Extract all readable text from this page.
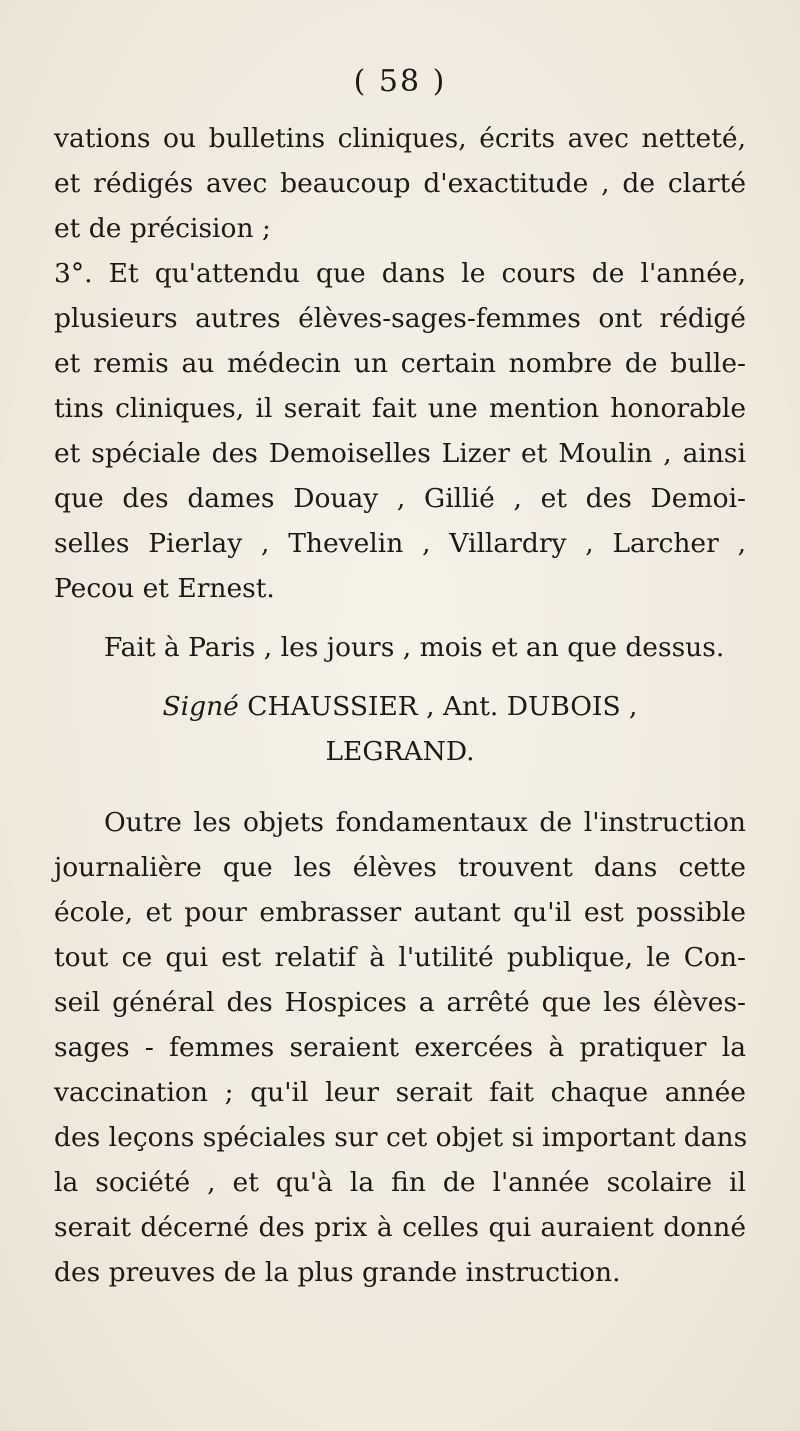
( 58 )
vations ou bulletins cliniques, écrits avec netteté,
et rédigés avec beaucoup d'exactitude , de clarté
et de précision ;
3°. Et qu'attendu que dans le cours de l'année,
plusieurs autres élèves-sages-femmes ont rédigé
et remis au médecin un certain nombre de bulle-
tins cliniques, il serait fait une mention honorable
et spéciale des Demoiselles Lizer et Moulin , ainsi
que des dames Douay , Gillié , et des Demoi-
selles Pierlay , Thevelin , Villardry , Larcher ,
Pecou et Ernest.
Fait à Paris , les jours , mois et an que dessus.
Signé CHAUSSIER , Ant. DUBOIS ,
LEGRAND.
Outre les objets fondamentaux de l'instruction
journalière que les élèves trouvent dans cette
école, et pour embrasser autant qu'il est possible
tout ce qui est relatif à l'utilité publique, le Con-
seil général des Hospices a arrêté que les élèves-
sages - femmes seraient exercées à pratiquer la
vaccination ; qu'il leur serait fait chaque année
des leçons spéciales sur cet objet si important dans
la société , et qu'à la fin de l'année scolaire il
serait décerné des prix à celles qui auraient donné
des preuves de la plus grande instruction.
